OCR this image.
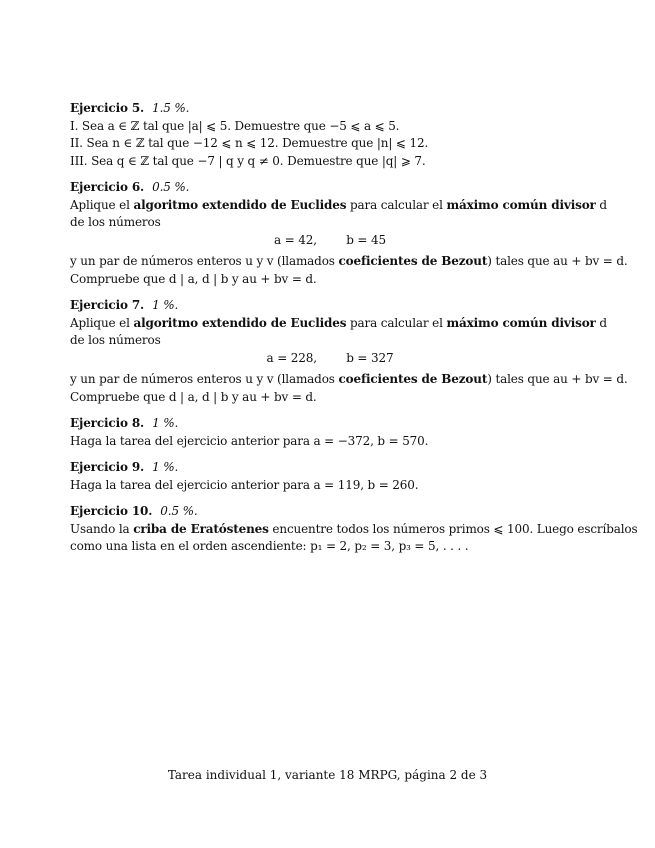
Ejercicio 5. 1.5 %.
I. Sea a ∈ ℤ tal que |a| ⩽ 5. Demuestre que −5 ⩽ a ⩽ 5.
II. Sea n ∈ ℤ tal que −12 ⩽ n ⩽ 12. Demuestre que |n| ⩽ 12.
III. Sea q ∈ ℤ tal que −7 | q y q ≠ 0. Demuestre que |q| ⩾ 7.
Ejercicio 6. 0.5 %.
Aplique el algoritmo extendido de Euclides para calcular el máximo común divisor d
de los números
a = 42,        b = 45
y un par de números enteros u y v (llamados coeficientes de Bezout) tales que au + bv = d.
Compruebe que d | a, d | b y au + bv = d.
Ejercicio 7. 1 %.
Aplique el algoritmo extendido de Euclides para calcular el máximo común divisor d
de los números
a = 228,        b = 327
y un par de números enteros u y v (llamados coeficientes de Bezout) tales que au + bv = d.
Compruebe que d | a, d | b y au + bv = d.
Ejercicio 8. 1 %.
Haga la tarea del ejercicio anterior para a = −372, b = 570.
Ejercicio 9. 1 %.
Haga la tarea del ejercicio anterior para a = 119, b = 260.
Ejercicio 10. 0.5 %.
Usando la criba de Eratóstenes encuentre todos los números primos ⩽ 100. Luego escríbalos
como una lista en el orden ascendiente: p₁ = 2, p₂ = 3, p₃ = 5, . . . .
Tarea individual 1, variante 18 MRPG, página 2 de 3
